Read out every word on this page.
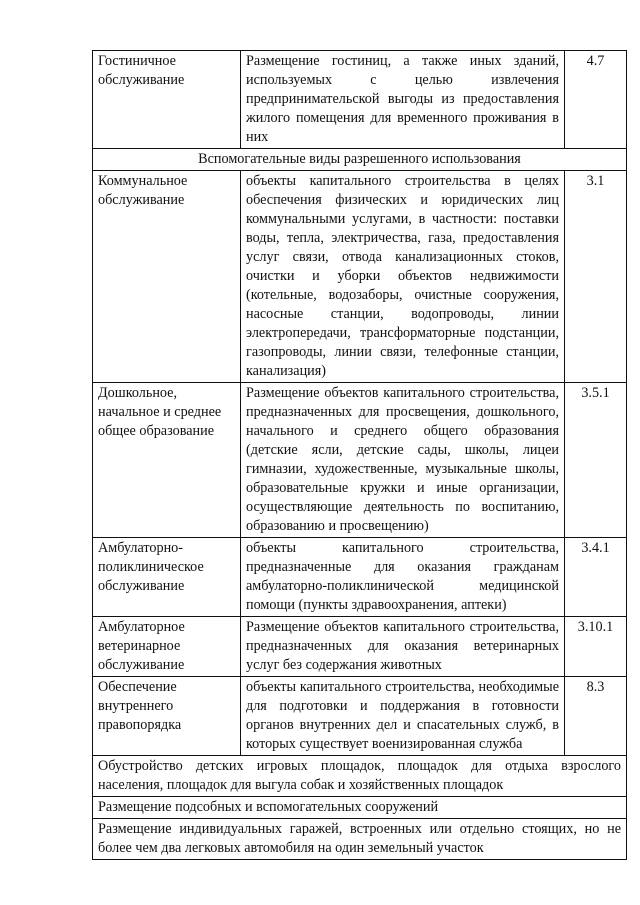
Гостиничное обслуживание	Размещение гостиниц, а также иных зданий, используемых с целью извлечения предпринимательской выгоды из предоставления жилого помещения для временного проживания в них	4.7
Вспомогательные виды разрешенного использования		
Коммунальное обслуживание	объекты капитального строительства в целях обеспечения физических и юридических лиц коммунальными услугами, в частности: поставки воды, тепла, электричества, газа, предоставления услуг связи, отвода канализационных стоков, очистки и уборки объектов недвижимости (котельные, водозаборы, очистные сооружения, насосные станции, водопроводы, линии электропередачи, трансформаторные подстанции, газопроводы, линии связи, телефонные станции, канализация)	3.1
Дошкольное, начальное и среднее общее образование	Размещение объектов капитального строительства, предназначенных для просвещения, дошкольного, начального и среднего общего образования (детские ясли, детские сады, школы, лицеи гимназии, художественные, музыкальные школы, образовательные кружки и иные организации, осуществляющие деятельность по воспитанию, образованию и просвещению)	3.5.1
Амбулаторно-поликлиническое обслуживание	объекты капитального строительства, предназначенные для оказания гражданам амбулаторно-поликлинической медицинской помощи (пункты здравоохранения, аптеки)	3.4.1
Амбулаторное ветеринарное обслуживание	Размещение объектов капитального строительства, предназначенных для оказания ветеринарных услуг без содержания животных	3.10.1
Обеспечение внутреннего правопорядка	объекты капитального строительства, необходимые для подготовки и поддержания в готовности органов внутренних дел и спасательных служб, в которых существует военизированная служба	8.3
Обустройство детских игровых площадок, площадок для отдыха взрослого населения, площадок для выгула собак и хозяйственных площадок		
Размещение подсобных и вспомогательных сооружений		
Размещение индивидуальных гаражей, встроенных или отдельно стоящих, но не более чем два легковых автомобиля на один земельный участок		
